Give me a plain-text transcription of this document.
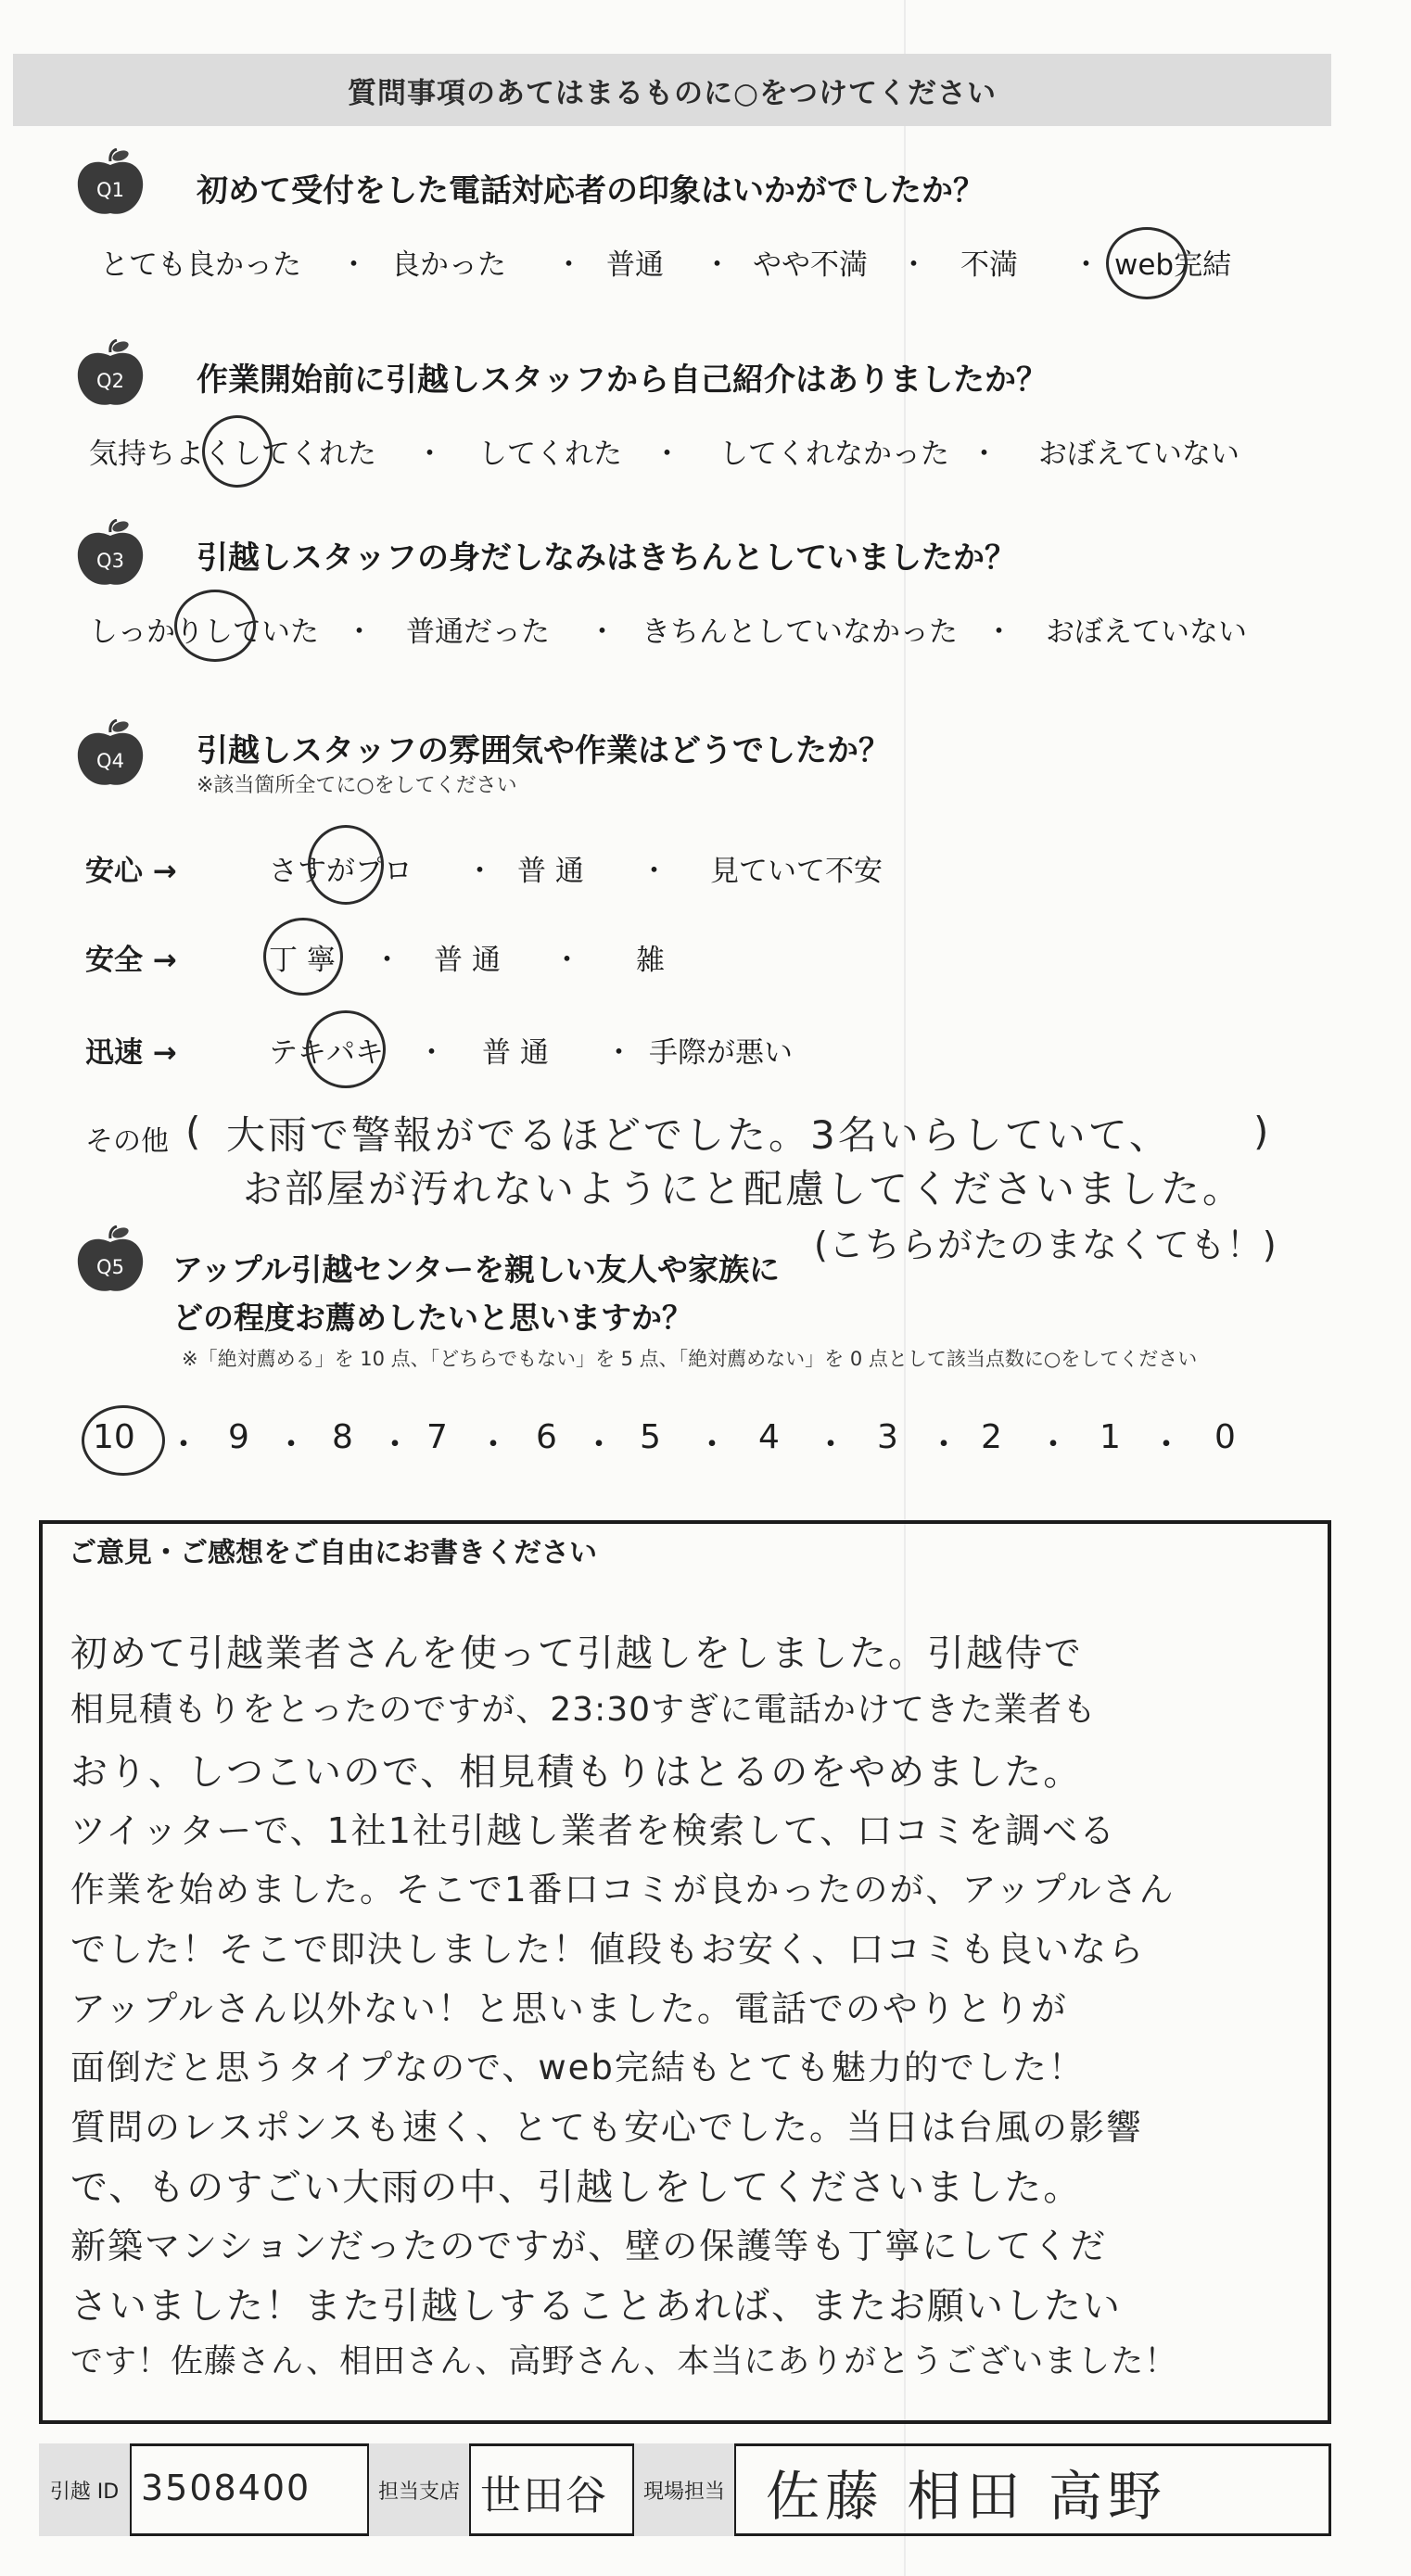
質問事項のあてはまるものに○をつけてください
Q1 初めて受付をした電話対応者の印象はいかがでしたか？
とても良かった ・ 良かった ・ 普通 ・ やや不満 ・ 不満 ・ web完結
Q2 作業開始前に引越しスタッフから自己紹介はありましたか？
気持ちよくしてくれた ・ してくれた ・ してくれなかった ・ おぼえていない
Q3 引越しスタッフの身だしなみはきちんとしていましたか？
しっかりしていた ・ 普通だった ・ きちんとしていなかった ・ おぼえていない
Q4 引越しスタッフの雰囲気や作業はどうでしたか？
※該当箇所全てに○をしてください
安心 →	さすがプロ ・ 普 通 ・ 見ていて不安
安全 →	丁 寧 ・ 普 通 ・ 雑
迅速 →	テキパキ ・ 普 通 ・ 手際が悪い
その他 (	)
大雨で警報がでるほどでした。3名いらしていて、
お部屋が汚れないようにと配慮してくださいました。
(こちらがたのまなくても！)
Q5 アップル引越センターを親しい友人や家族に
どの程度お薦めしたいと思いますか？
※「絶対薦める」を 10 点、「どちらでもない」を 5 点、「絶対薦めない」を 0 点として該当点数に○をしてください
10 ・ 9 ・ 8 ・ 7 ・ 6 ・ 5 ・ 4 ・ 3 ・ 2 ・ 1 ・ 0
ご意見・ご感想をご自由にお書きください
初めて引越業者さんを使って引越しをしました。引越侍で
相見積もりをとったのですが、23:30すぎに電話かけてきた業者も
おり、しつこいので、相見積もりはとるのをやめました。
ツイッターで、1社1社引越し業者を検索して、口コミを調べる
作業を始めました。そこで1番口コミが良かったのが、アップルさん
でした！そこで即決しました！値段もお安く、口コミも良いなら
アップルさん以外ない！と思いました。電話でのやりとりが
面倒だと思うタイプなので、web完結もとても魅力的でした！
質問のレスポンスも速く、とても安心でした。当日は台風の影響
で、ものすごい大雨の中、引越しをしてくださいました。
新築マンションだったのですが、壁の保護等も丁寧にしてくだ
さいました！また引越しすることあれば、またお願いしたい
です！佐藤さん、相田さん、高野さん、本当にありがとうございました！
引越 ID 3508400	担当支店 世田谷	現場担当 佐藤 相田 高野
